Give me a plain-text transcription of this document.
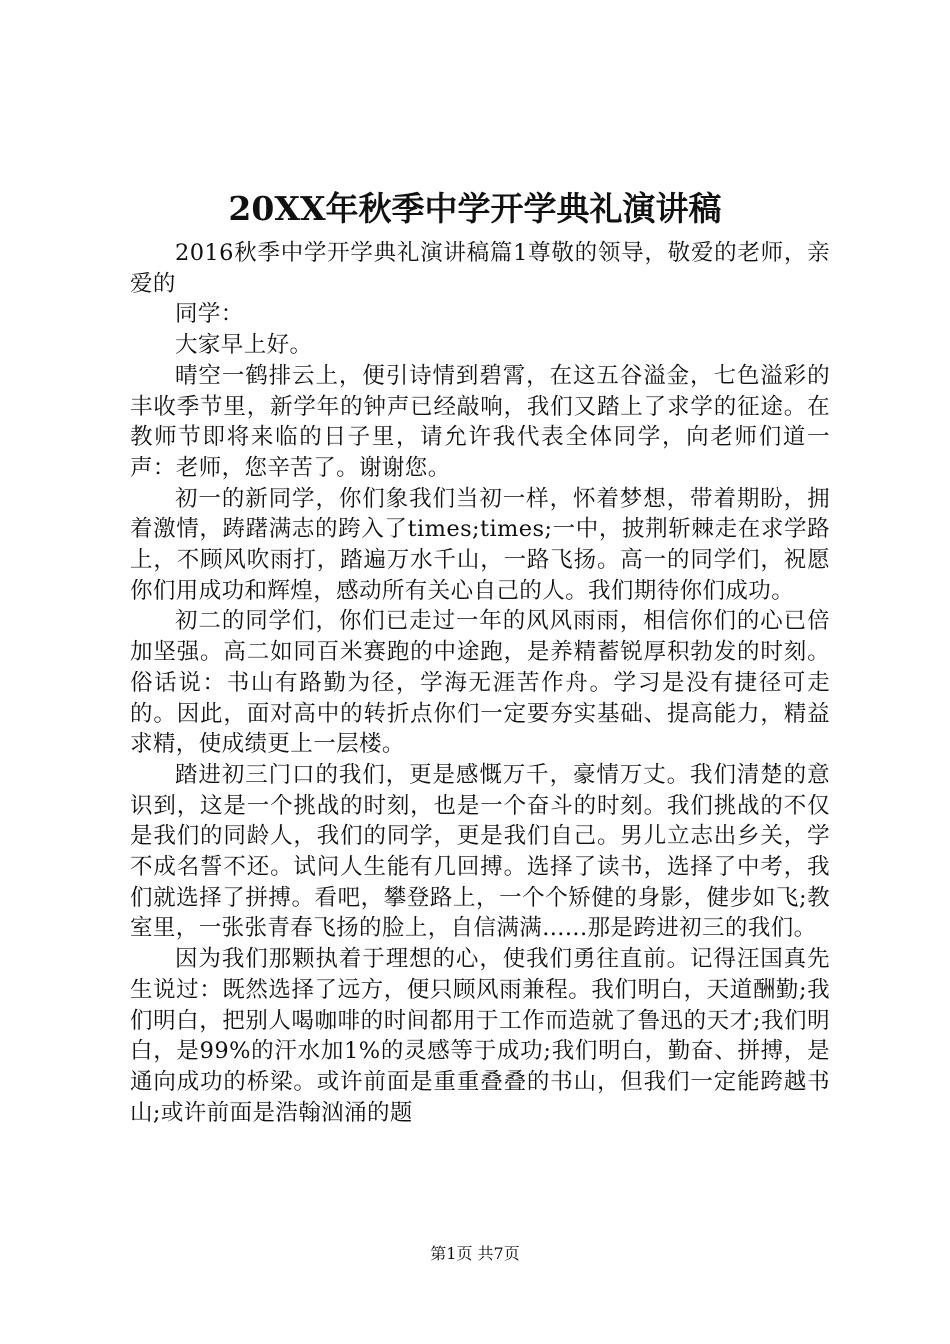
20XX年秋季中学开学典礼演讲稿

2016秋季中学开学典礼演讲稿篇1尊敬的领导，敬爱的老师，亲爱的

同学：

大家早上好。

晴空一鹤排云上，便引诗情到碧霄，在这五谷溢金，七色溢彩的丰收季节里，新学年的钟声已经敲响，我们又踏上了求学的征途。在教师节即将来临的日子里，请允许我代表全体同学，向老师们道一声：老师，您辛苦了。谢谢您。

初一的新同学，你们象我们当初一样，怀着梦想，带着期盼，拥着激情，踌躇满志的跨入了times;times;一中，披荆斩棘走在求学路上，不顾风吹雨打，踏遍万水千山，一路飞扬。高一的同学们，祝愿你们用成功和辉煌，感动所有关心自己的人。我们期待你们成功。

初二的同学们，你们已走过一年的风风雨雨，相信你们的心已倍加坚强。高二如同百米赛跑的中途跑，是养精蓄锐厚积勃发的时刻。俗话说：书山有路勤为径，学海无涯苦作舟。学习是没有捷径可走的。因此，面对高中的转折点你们一定要夯实基础、提高能力，精益求精，使成绩更上一层楼。

踏进初三门口的我们，更是感慨万千，豪情万丈。我们清楚的意识到，这是一个挑战的时刻，也是一个奋斗的时刻。我们挑战的不仅是我们的同龄人，我们的同学，更是我们自己。男儿立志出乡关，学不成名誓不还。试问人生能有几回搏。选择了读书，选择了中考，我们就选择了拼搏。看吧，攀登路上，一个个矫健的身影，健步如飞;教室里，一张张青春飞扬的脸上，自信满满......那是跨进初三的我们。

因为我们那颗执着于理想的心，使我们勇往直前。记得汪国真先生说过：既然选择了远方，便只顾风雨兼程。我们明白，天道酬勤;我们明白，把别人喝咖啡的时间都用于工作而造就了鲁迅的天才;我们明白，是99%的汗水加1%的灵感等于成功;我们明白，勤奋、拼搏，是通向成功的桥梁。或许前面是重重叠叠的书山，但我们一定能跨越书山;或许前面是浩翰汹涌的题

第1页 共7页
